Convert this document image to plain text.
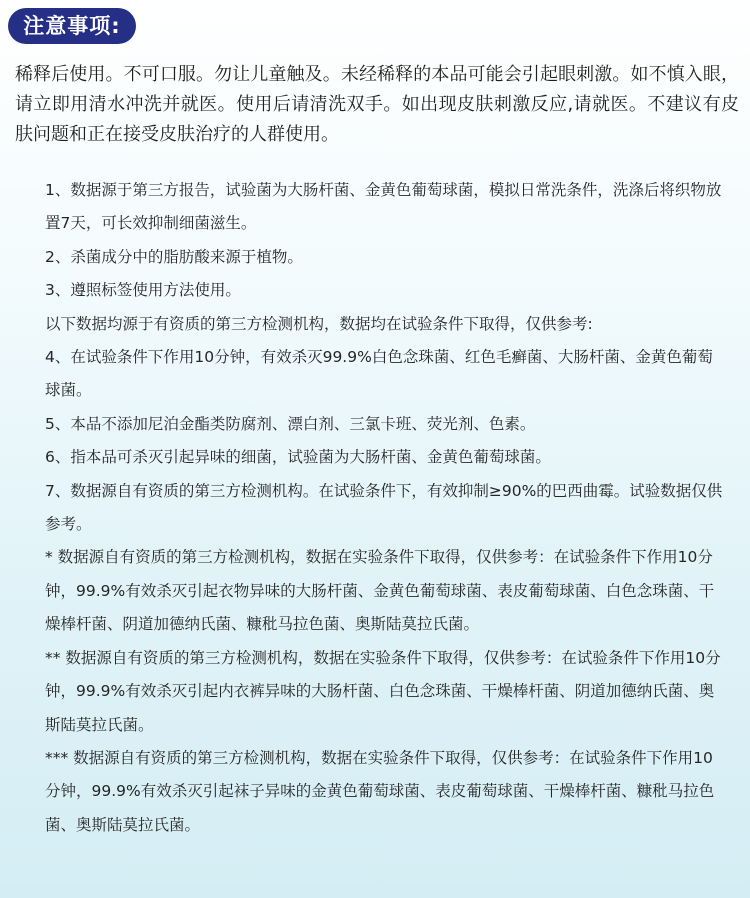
注意事项:

稀释后使用。不可口服。勿让儿童触及。未经稀释的本品可能会引起眼刺激。如不慎入眼，请立即用清水冲洗并就医。使用后请清洗双手。如出现皮肤刺激反应,请就医。不建议有皮肤问题和正在接受皮肤治疗的人群使用。

1、数据源于第三方报告，试验菌为大肠杆菌、金黄色葡萄球菌，模拟日常洗条件，洗涤后将织物放置7天，可长效抑制细菌滋生。

2、杀菌成分中的脂肪酸来源于植物。

3、遵照标签使用方法使用。

以下数据均源于有资质的第三方检测机构，数据均在试验条件下取得，仅供参考:

4、在试验条件下作用10分钟，有效杀灭99.9%白色念珠菌、红色毛癣菌、大肠杆菌、金黄色葡萄球菌。

5、本品不添加尼泊金酯类防腐剂、漂白剂、三氯卡班、荧光剂、色素。

6、指本品可杀灭引起异味的细菌，试验菌为大肠杆菌、金黄色葡萄球菌。

7、数据源自有资质的第三方检测机构。在试验条件下，有效抑制≥90%的巴西曲霉。试验数据仅供参考。

* 数据源自有资质的第三方检测机构，数据在实验条件下取得，仅供参考：在试验条件下作用10分钟，99.9%有效杀灭引起衣物异味的大肠杆菌、金黄色葡萄球菌、表皮葡萄球菌、白色念珠菌、干燥棒杆菌、阴道加德纳氏菌、糠秕马拉色菌、奥斯陆莫拉氏菌。

** 数据源自有资质的第三方检测机构，数据在实验条件下取得，仅供参考：在试验条件下作用10分钟，99.9%有效杀灭引起内衣裤异味的大肠杆菌、白色念珠菌、干燥棒杆菌、阴道加德纳氏菌、奥斯陆莫拉氏菌。

*** 数据源自有资质的第三方检测机构，数据在实验条件下取得，仅供参考：在试验条件下作用10分钟，99.9%有效杀灭引起袜子异味的金黄色葡萄球菌、表皮葡萄球菌、干燥棒杆菌、糠秕马拉色菌、奥斯陆莫拉氏菌。
